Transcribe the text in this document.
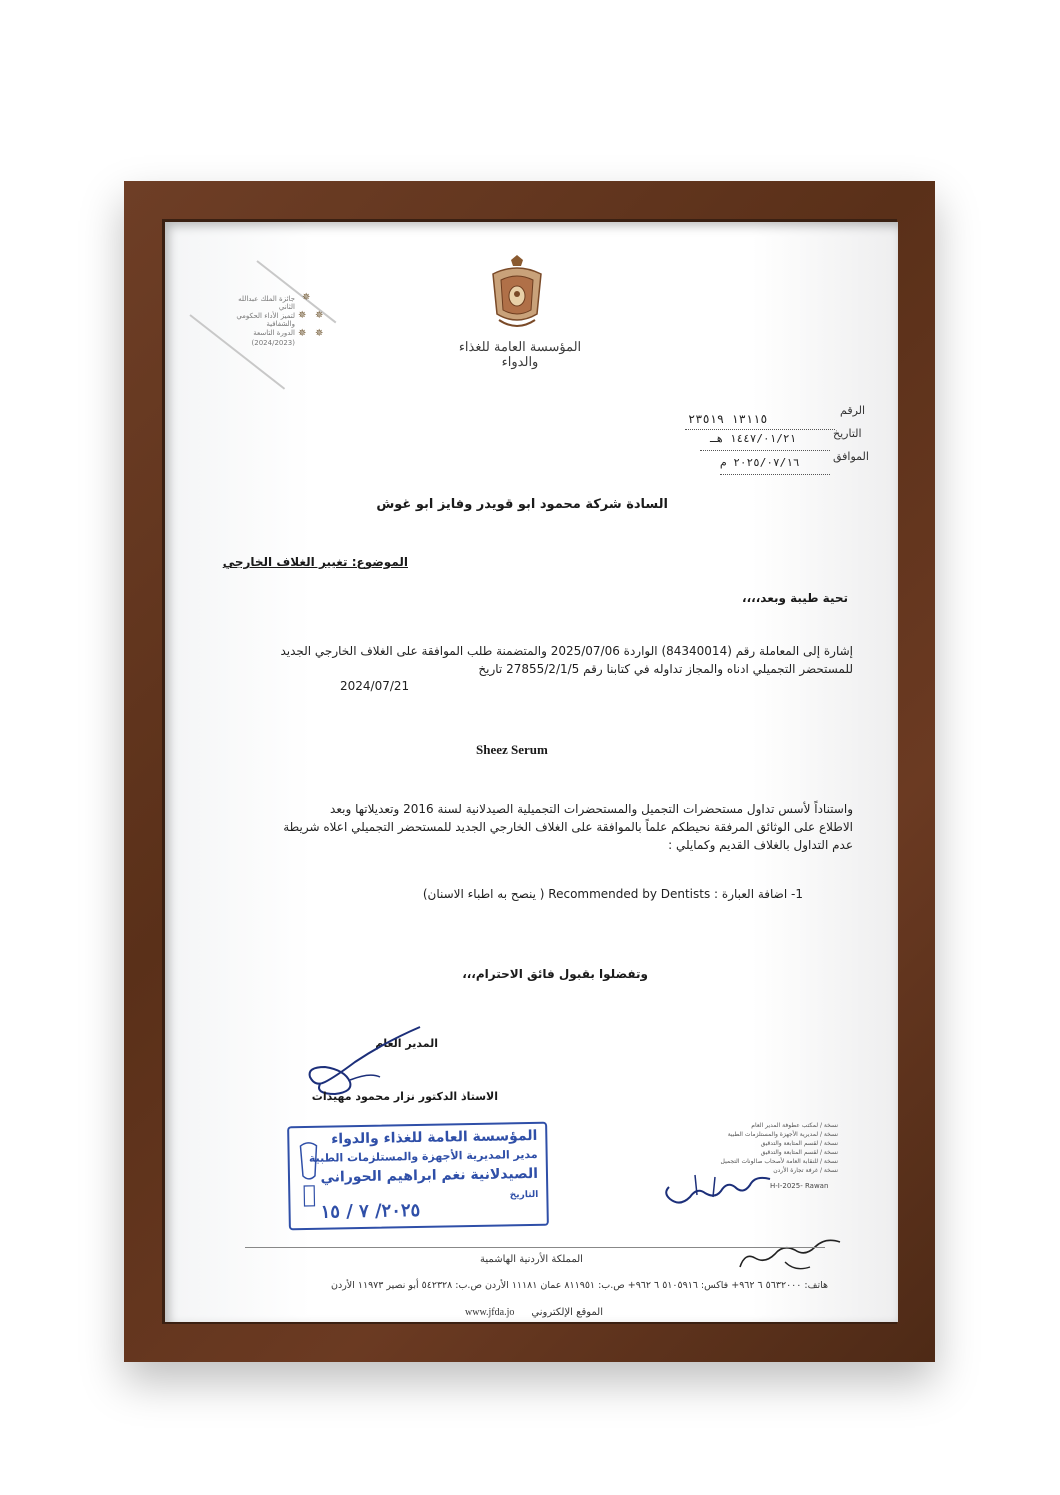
جائزة الملك عبدالله الثاني
لتميز الأداء الحكومي والشفافية
الدورة التاسعة
(2024/2023)
✵
✵ ✵
✵ ✵
المؤسسة العامة للغذاء والدواء
الرقم
١٣١١٥ ٢٣٥١٩
التاريخ
١٤٤٧/٠١/٢١ هـ
الموافق
٢٠٢٥/٠٧/١٦ م
السادة شركة محمود ابو قويدر وفايز ابو غوش
الموضوع: تغيير الغلاف الخارجي
تحية طيبة وبعد،،،،
إشارة إلى المعاملة رقم (84340014) الواردة 2025/07/06 والمتضمنة طلب الموافقة على الغلاف الخارجي الجديد
للمستحضر التجميلي ادناه والمجاز تداوله في كتابنا رقم 27855/2/1/5 تاريخ
2024/07/21
Sheez Serum
واستناداً لأسس تداول مستحضرات التجميل والمستحضرات التجميلية الصيدلانية لسنة 2016 وتعديلاتها وبعد
الاطلاع على الوثائق المرفقة نحيطكم علماً بالموافقة على الغلاف الخارجي الجديد للمستحضر التجميلي اعلاه شريطة
عدم التداول بالغلاف القديم وكمايلي :
1- اضافة العبارة : Recommended by Dentists ( ينصح به اطباء الاسنان)
وتفضلوا بقبول فائق الاحترام،،،
المدير العام
الاستاذ الدكتور نزار محمود مهيدات
المؤسسة العامة للغذاء والدواء
مدير المديرية الأجهزة والمستلزمات الطبية
الصيدلانية نغم ابراهيم الحوراني
التاريخ
٢٠٢٥/ ٧ / ١٥
نسخة / لمكتب عطوفة المدير العام
نسخة / لمديرية الأجهزة والمستلزمات الطبية
نسخة / لقسم المتابعة والتدقيق
نسخة / لقسم المتابعة والتدقيق
نسخة / للنقابة العامة لأصحاب صالونات التجميل
نسخة / غرفة تجارة الأردن
H-I-2025- Rawan
المملكة الأردنية الهاشمية
هاتف: ٥٦٣٢٠٠٠ ٦ ٩٦٢+ فاكس: ٥١٠٥٩١٦ ٦ ٩٦٢+ ص.ب: ٨١١٩٥١ عمان ١١١٨١ الأردن ص.ب: ٥٤٢٣٢٨ أبو نصير ١١٩٧٣ الأردن
الموقع الإلكتروني
www.jfda.jo
